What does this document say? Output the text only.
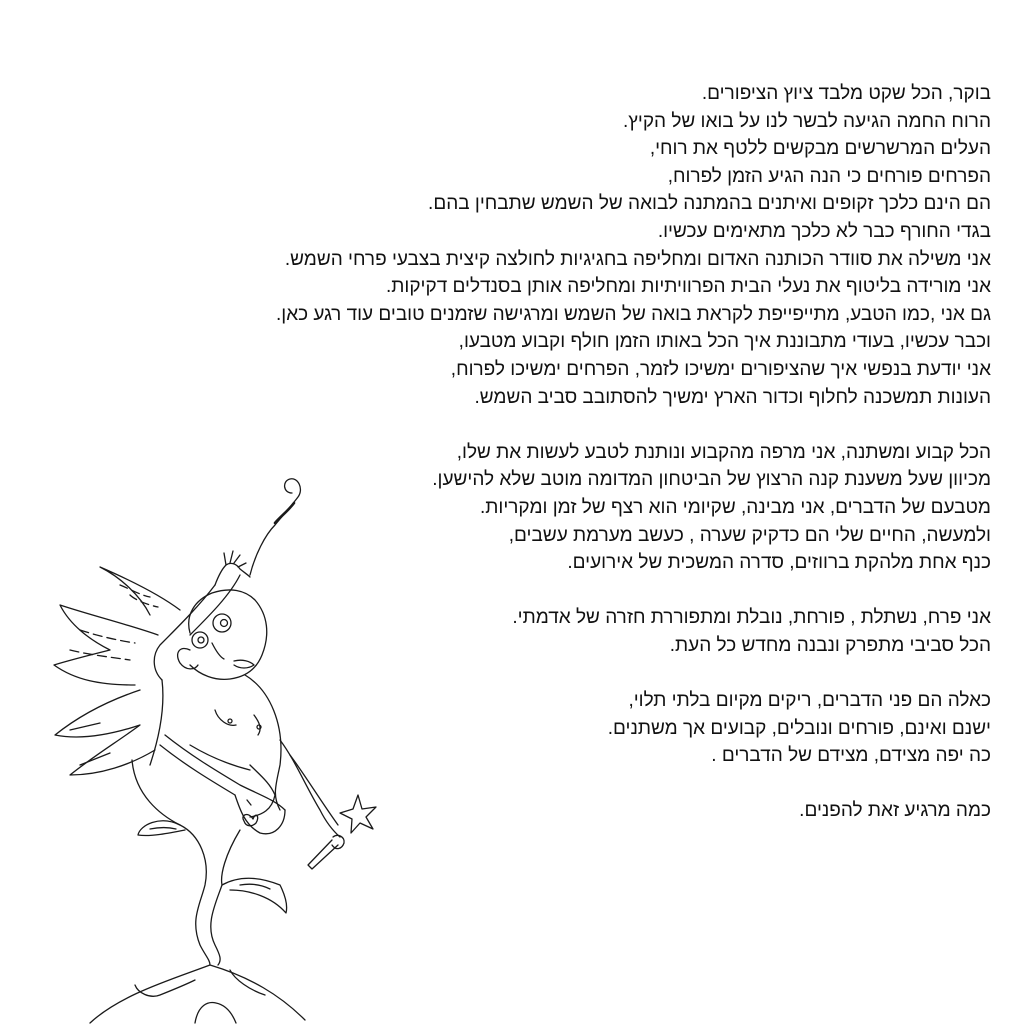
בוקר, הכל שקט מלבד ציוץ הציפורים.
הרוח החמה הגיעה לבשר לנו על בואו של הקיץ.
העלים המרשרשים מבקשים ללטף את רוחי,
הפרחים פורחים כי הנה הגיע הזמן לפרוח,
הם הינם כלכך זקופים ואיתנים בהמתנה לבואה של השמש שתבחין בהם.
בגדי החורף כבר לא כלכך מתאימים עכשיו.
אני משילה את סוודר הכותנה האדום ומחליפה בחגיגיות לחולצה קיצית בצבעי פרחי השמש.
אני מורידה בליטוף את נעלי הבית הפרוויתיות ומחליפה אותן בסנדלים דקיקות.
גם אני ,כמו הטבע, מתייפייפת לקראת בואה של השמש ומרגישה שזמנים טובים עוד רגע כאן.
וכבר עכשיו, בעודי מתבוננת איך הכל באותו הזמן חולף וקבוע מטבעו,
אני יודעת בנפשי איך שהציפורים ימשיכו לזמר, הפרחים ימשיכו לפרוח,
העונות תמשכנה לחלוף וכדור הארץ ימשיך להסתובב סביב השמש.
הכל קבוע ומשתנה, אני מרפה מהקבוע ונותנת לטבע לעשות את שלו,
מכיוון שעל משענת קנה הרצוץ של הביטחון המדומה מוטב שלא להישען.
מטבעם של הדברים, אני מבינה, שקיומי הוא רצף של זמן ומקריות.
ולמעשה, החיים שלי הם כדקיק שערה , כעשב מערמת עשבים,
כנף אחת מלהקת ברווזים, סדרה המשכית של אירועים.
אני פרח, נשתלת , פורחת, נובלת ומתפוררת חזרה של אדמתי.
הכל סביבי מתפרק ונבנה מחדש כל העת.
כאלה הם פני הדברים, ריקים מקיום בלתי תלוי,
ישנם ואינם, פורחים ונובלים, קבועים אך משתנים.
כה יפה מצידם, מצידם של הדברים .
כמה מרגיע זאת להפנים.
